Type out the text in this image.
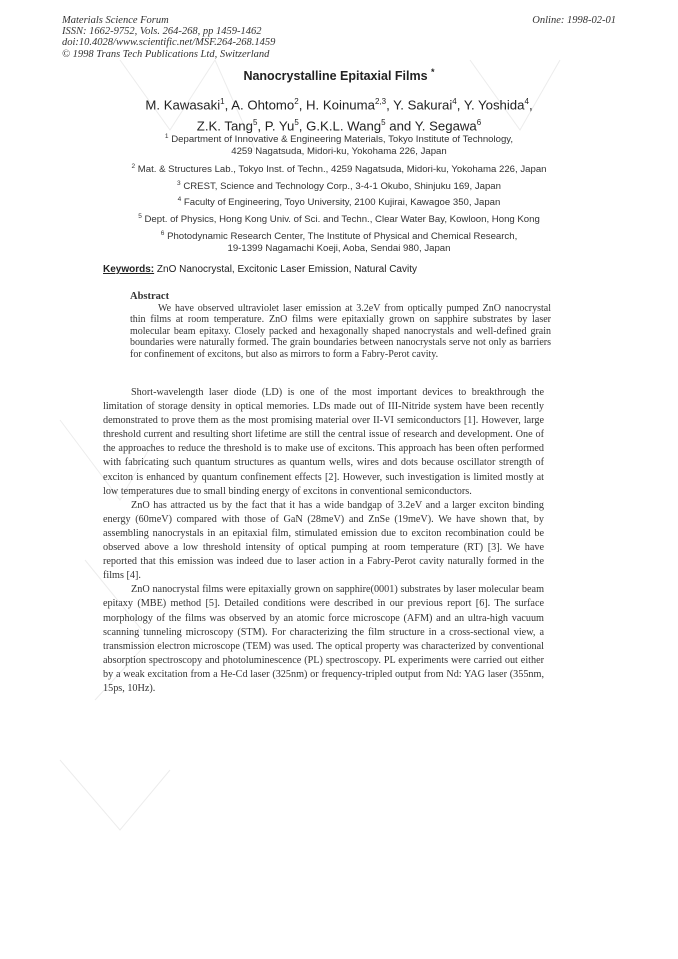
Materials Science Forum
ISSN: 1662-9752, Vols. 264-268, pp 1459-1462
doi:10.4028/www.scientific.net/MSF.264-268.1459
© 1998 Trans Tech Publications Ltd, Switzerland
Online: 1998-02-01
Nanocrystalline Epitaxial Films *
M. Kawasaki$^1$, A. Ohtomo$^2$, H. Koinuma$^{2,3}$, Y. Sakurai$^4$, Y. Yoshida$^4$,
Z.K. Tang$^5$, P. Yu$^5$, G.K.L. Wang$^5$ and Y. Segawa$^6$
$^1$ Department of Innovative & Engineering Materials, Tokyo Institute of Technology,
4259 Nagatsuda, Midori-ku, Yokohama 226, Japan
$^2$ Mat. & Structures Lab., Tokyo Inst. of Techn., 4259 Nagatsuda, Midori-ku, Yokohama 226, Japan
$^3$ CREST, Science and Technology Corp., 3-4-1 Okubo, Shinjuku 169, Japan
$^4$ Faculty of Engineering, Toyo University, 2100 Kujirai, Kawagoe 350, Japan
$^5$ Dept. of Physics, Hong Kong Univ. of Sci. and Techn., Clear Water Bay, Kowloon, Hong Kong
$^6$ Photodynamic Research Center, The Institute of Physical and Chemical Research,
19-1399 Nagamachi Koeji, Aoba, Sendai 980, Japan
Keywords: ZnO Nanocrystal, Excitonic Laser Emission, Natural Cavity
Abstract

We have observed ultraviolet laser emission at 3.2eV from optically pumped ZnO nanocrystal thin films at room temperature. ZnO films were epitaxially grown on sapphire substrates by laser molecular beam epitaxy. Closely packed and hexagonally shaped nanocrystals and well-defined grain boundaries were naturally formed. The grain boundaries between nanocrystals serve not only as barriers for confinement of excitons, but also as mirrors to form a Fabry-Perot cavity.

Short-wavelength laser diode (LD) is one of the most important devices to breakthrough the limitation of storage density in optical memories. LDs made out of III-Nitride system have been recently demonstrated to prove them as the most promising material over II-VI semiconductors [1]. However, large threshold current and resulting short lifetime are still the central issue of research and development. One of the approaches to reduce the threshold is to make use of excitons. This approach has been often performed with fabricating such quantum structures as quantum wells, wires and dots because oscillator strength of exciton is enhanced by quantum confinement effects [2]. However, such investigation is limited mostly at low temperatures due to small binding energy of excitons in conventional semiconductors.

ZnO has attracted us by the fact that it has a wide bandgap of 3.2eV and a larger exciton binding energy (60meV) compared with those of GaN (28meV) and ZnSe (19meV). We have shown that, by assembling nanocrystals in an epitaxial film, stimulated emission due to exciton recombination could be observed above a low threshold intensity of optical pumping at room temperature (RT) [3]. We have reported that this emission was indeed due to laser action in a Fabry-Perot cavity naturally formed in the films [4].

ZnO nanocrystal films were epitaxially grown on sapphire(0001) substrates by laser molecular beam epitaxy (MBE) method [5]. Detailed conditions were described in our previous report [6]. The surface morphology of the films was observed by an atomic force microscope (AFM) and an ultra-high vacuum scanning tunneling microscopy (STM). For characterizing the film structure in a cross-sectional view, a transmission electron microscope (TEM) was used. The optical property was characterized by conventional absorption spectroscopy and photoluminescence (PL) spectroscopy. PL experiments were carried out either by a weak excitation from a He-Cd laser (325nm) or frequency-tripled output from Nd: YAG laser (355nm, 15ps, 10Hz).
